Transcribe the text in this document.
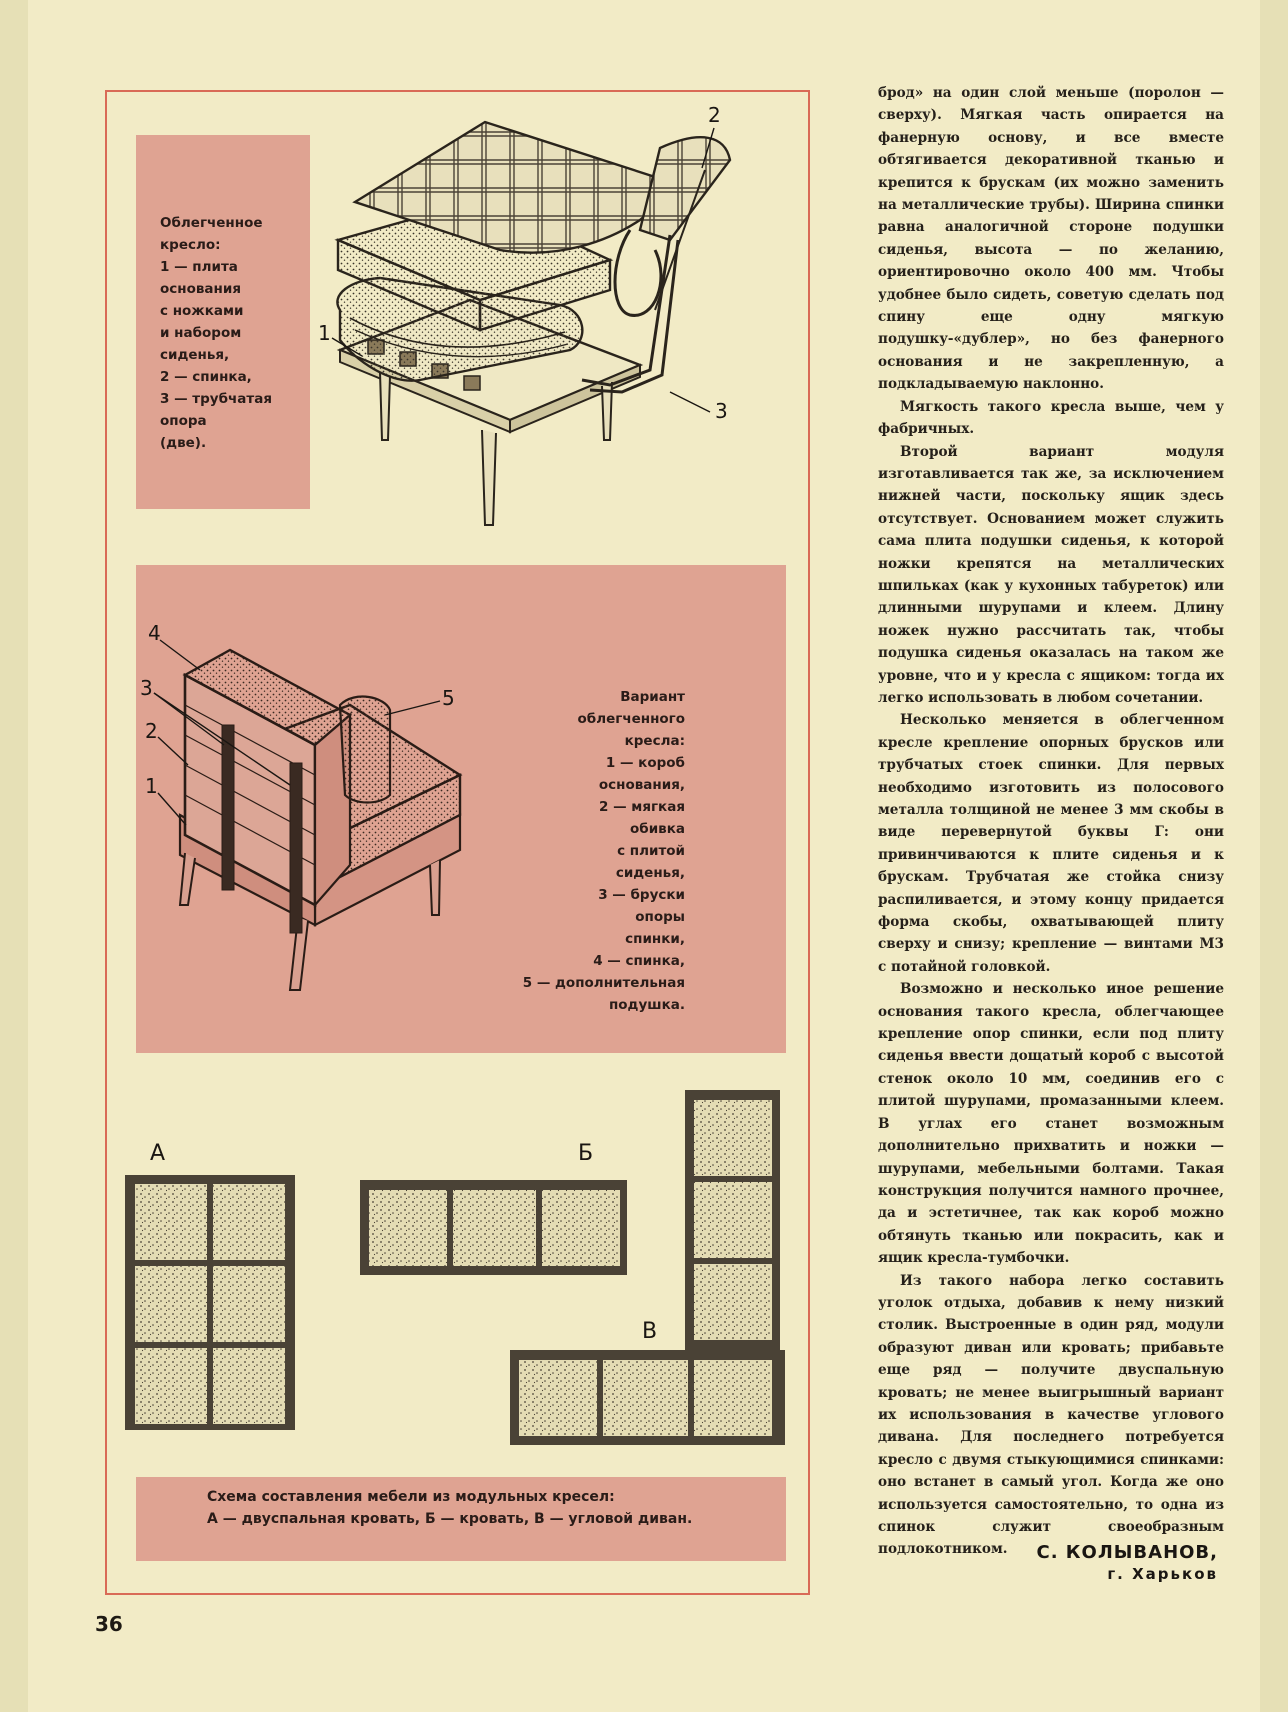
Облегченное
кресло:
1 — плита
основания
с ножками
и набором
сиденья,
2 — спинка,
3 — трубчатая
опора
(две).
1
2
3
Вариант
облегченного
кресла:
1 — короб
основания,
2 — мягкая
обивка
с плитой
сиденья,
3 — бруски
опоры
спинки,
4 — спинка,
5 — дополнительная
подушка.
4
3
2
1
5
А	Б
В
Схема составления мебели из модульных кресел:
А — двуспальная кровать, Б — кровать, В — угловой диван.

брод» на один слой меньше (поролон — сверху). Мягкая часть опирается на фанерную основу, и все вместе обтягивается декоративной тканью и крепится к брускам (их можно заменить на металлические трубы). Ширина спинки равна аналогичной стороне подушки сиденья, высота — по желанию, ориентировочно около 400 мм. Чтобы удобнее было сидеть, советую сделать под спину еще одну мягкую подушку-«дублер», но без фанерного основания и не закрепленную, а подкладываемую наклонно.

Мягкость такого кресла выше, чем у фабричных.

Второй вариант модуля изготавливается так же, за исключением нижней части, поскольку ящик здесь отсутствует. Основанием может служить сама плита подушки сиденья, к которой ножки крепятся на металлических шпильках (как у кухонных табуреток) или длинными шурупами и клеем. Длину ножек нужно рассчитать так, чтобы подушка сиденья оказалась на таком же уровне, что и у кресла с ящиком: тогда их легко использовать в любом сочетании.

Несколько меняется в облегченном кресле крепление опорных брусков или трубчатых стоек спинки. Для первых необходимо изготовить из полосового металла толщиной не менее 3 мм скобы в виде перевернутой буквы Г: они привинчиваются к плите сиденья и к брускам. Трубчатая же стойка снизу распиливается, и этому концу придается форма скобы, охватывающей плиту сверху и снизу; крепление — винтами М3 с потайной головкой.

Возможно и несколько иное решение основания такого кресла, облегчающее крепление опор спинки, если под плиту сиденья ввести дощатый короб с высотой стенок около 10 мм, соединив его с плитой шурупами, промазанными клеем. В углах его станет возможным дополнительно прихватить и ножки — шурупами, мебельными болтами. Такая конструкция получится намного прочнее, да и эстетичнее, так как короб можно обтянуть тканью или покрасить, как и ящик кресла-тумбочки.

Из такого набора легко составить уголок отдыха, добавив к нему низкий столик. Выстроенные в один ряд, модули образуют диван или кровать; прибавьте еще ряд — получите двуспальную кровать; не менее выигрышный вариант их использования в качестве углового дивана. Для последнего потребуется кресло с двумя стыкующимися спинками: оно встанет в самый угол. Когда же оно используется самостоятельно, то одна из спинок служит своеобразным подлокотником.	С. КОЛЫВАНОВ,
г. Харьков
36
